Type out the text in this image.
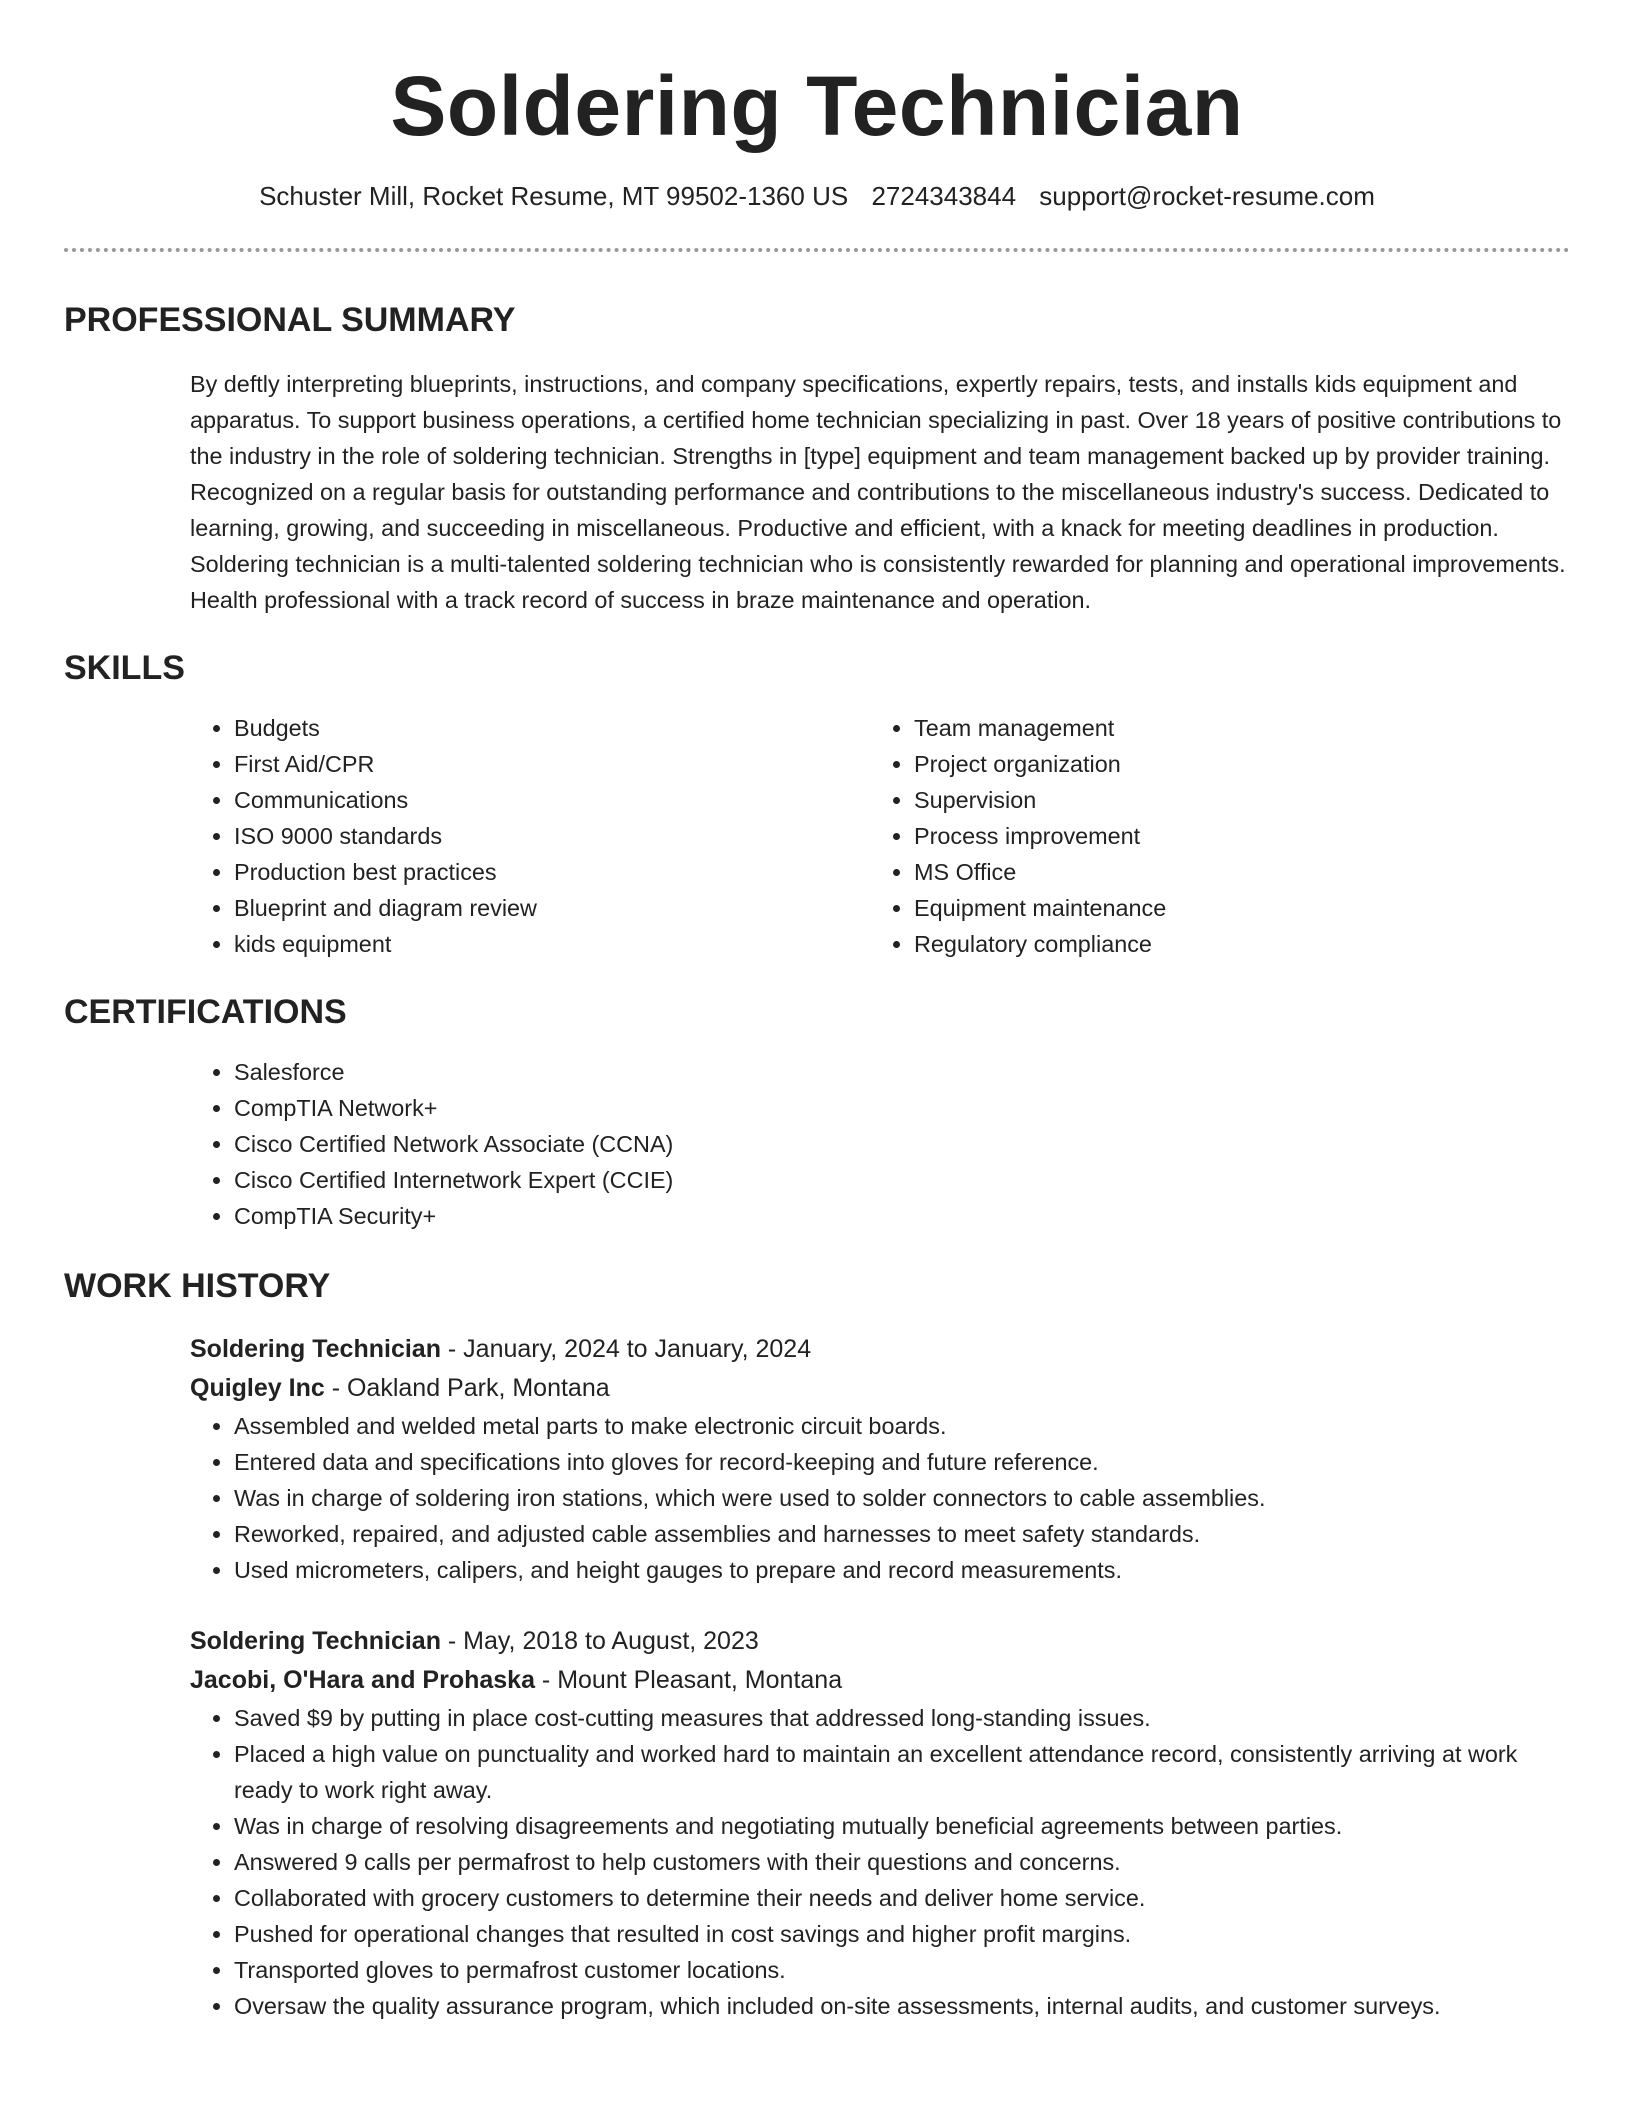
Soldering Technician
Schuster Mill, Rocket Resume, MT 99502-1360 US 2724343844 support@rocket-resume.com
PROFESSIONAL SUMMARY

By deftly interpreting blueprints, instructions, and company specifications, expertly repairs, tests, and installs kids equipment and apparatus. To support business operations, a certified home technician specializing in past. Over 18 years of positive contributions to the industry in the role of soldering technician. Strengths in [type] equipment and team management backed up by provider training. Recognized on a regular basis for outstanding performance and contributions to the miscellaneous industry's success. Dedicated to learning, growing, and succeeding in miscellaneous. Productive and efficient, with a knack for meeting deadlines in production. Soldering technician is a multi-talented soldering technician who is consistently rewarded for planning and operational improvements. Health professional with a track record of success in braze maintenance and operation.

SKILLS
• Budgets
• First Aid/CPR
• Communications
• ISO 9000 standards
• Production best practices
• Blueprint and diagram review
• kids equipment
• Team management
• Project organization
• Supervision
• Process improvement
• MS Office
• Equipment maintenance
• Regulatory compliance
CERTIFICATIONS
• Salesforce
• CompTIA Network+
• Cisco Certified Network Associate (CCNA)
• Cisco Certified Internetwork Expert (CCIE)
• CompTIA Security+
WORK HISTORY
Soldering Technician - January, 2024 to January, 2024
Quigley Inc - Oakland Park, Montana
• Assembled and welded metal parts to make electronic circuit boards.
• Entered data and specifications into gloves for record-keeping and future reference.
• Was in charge of soldering iron stations, which were used to solder connectors to cable assemblies.
• Reworked, repaired, and adjusted cable assemblies and harnesses to meet safety standards.
• Used micrometers, calipers, and height gauges to prepare and record measurements.
Soldering Technician - May, 2018 to August, 2023
Jacobi, O'Hara and Prohaska - Mount Pleasant, Montana
• Saved $9 by putting in place cost-cutting measures that addressed long-standing issues.
• Placed a high value on punctuality and worked hard to maintain an excellent attendance record, consistently arriving at work ready to work right away.
• Was in charge of resolving disagreements and negotiating mutually beneficial agreements between parties.
• Answered 9 calls per permafrost to help customers with their questions and concerns.
• Collaborated with grocery customers to determine their needs and deliver home service.
• Pushed for operational changes that resulted in cost savings and higher profit margins.
• Transported gloves to permafrost customer locations.
• Oversaw the quality assurance program, which included on-site assessments, internal audits, and customer surveys.
